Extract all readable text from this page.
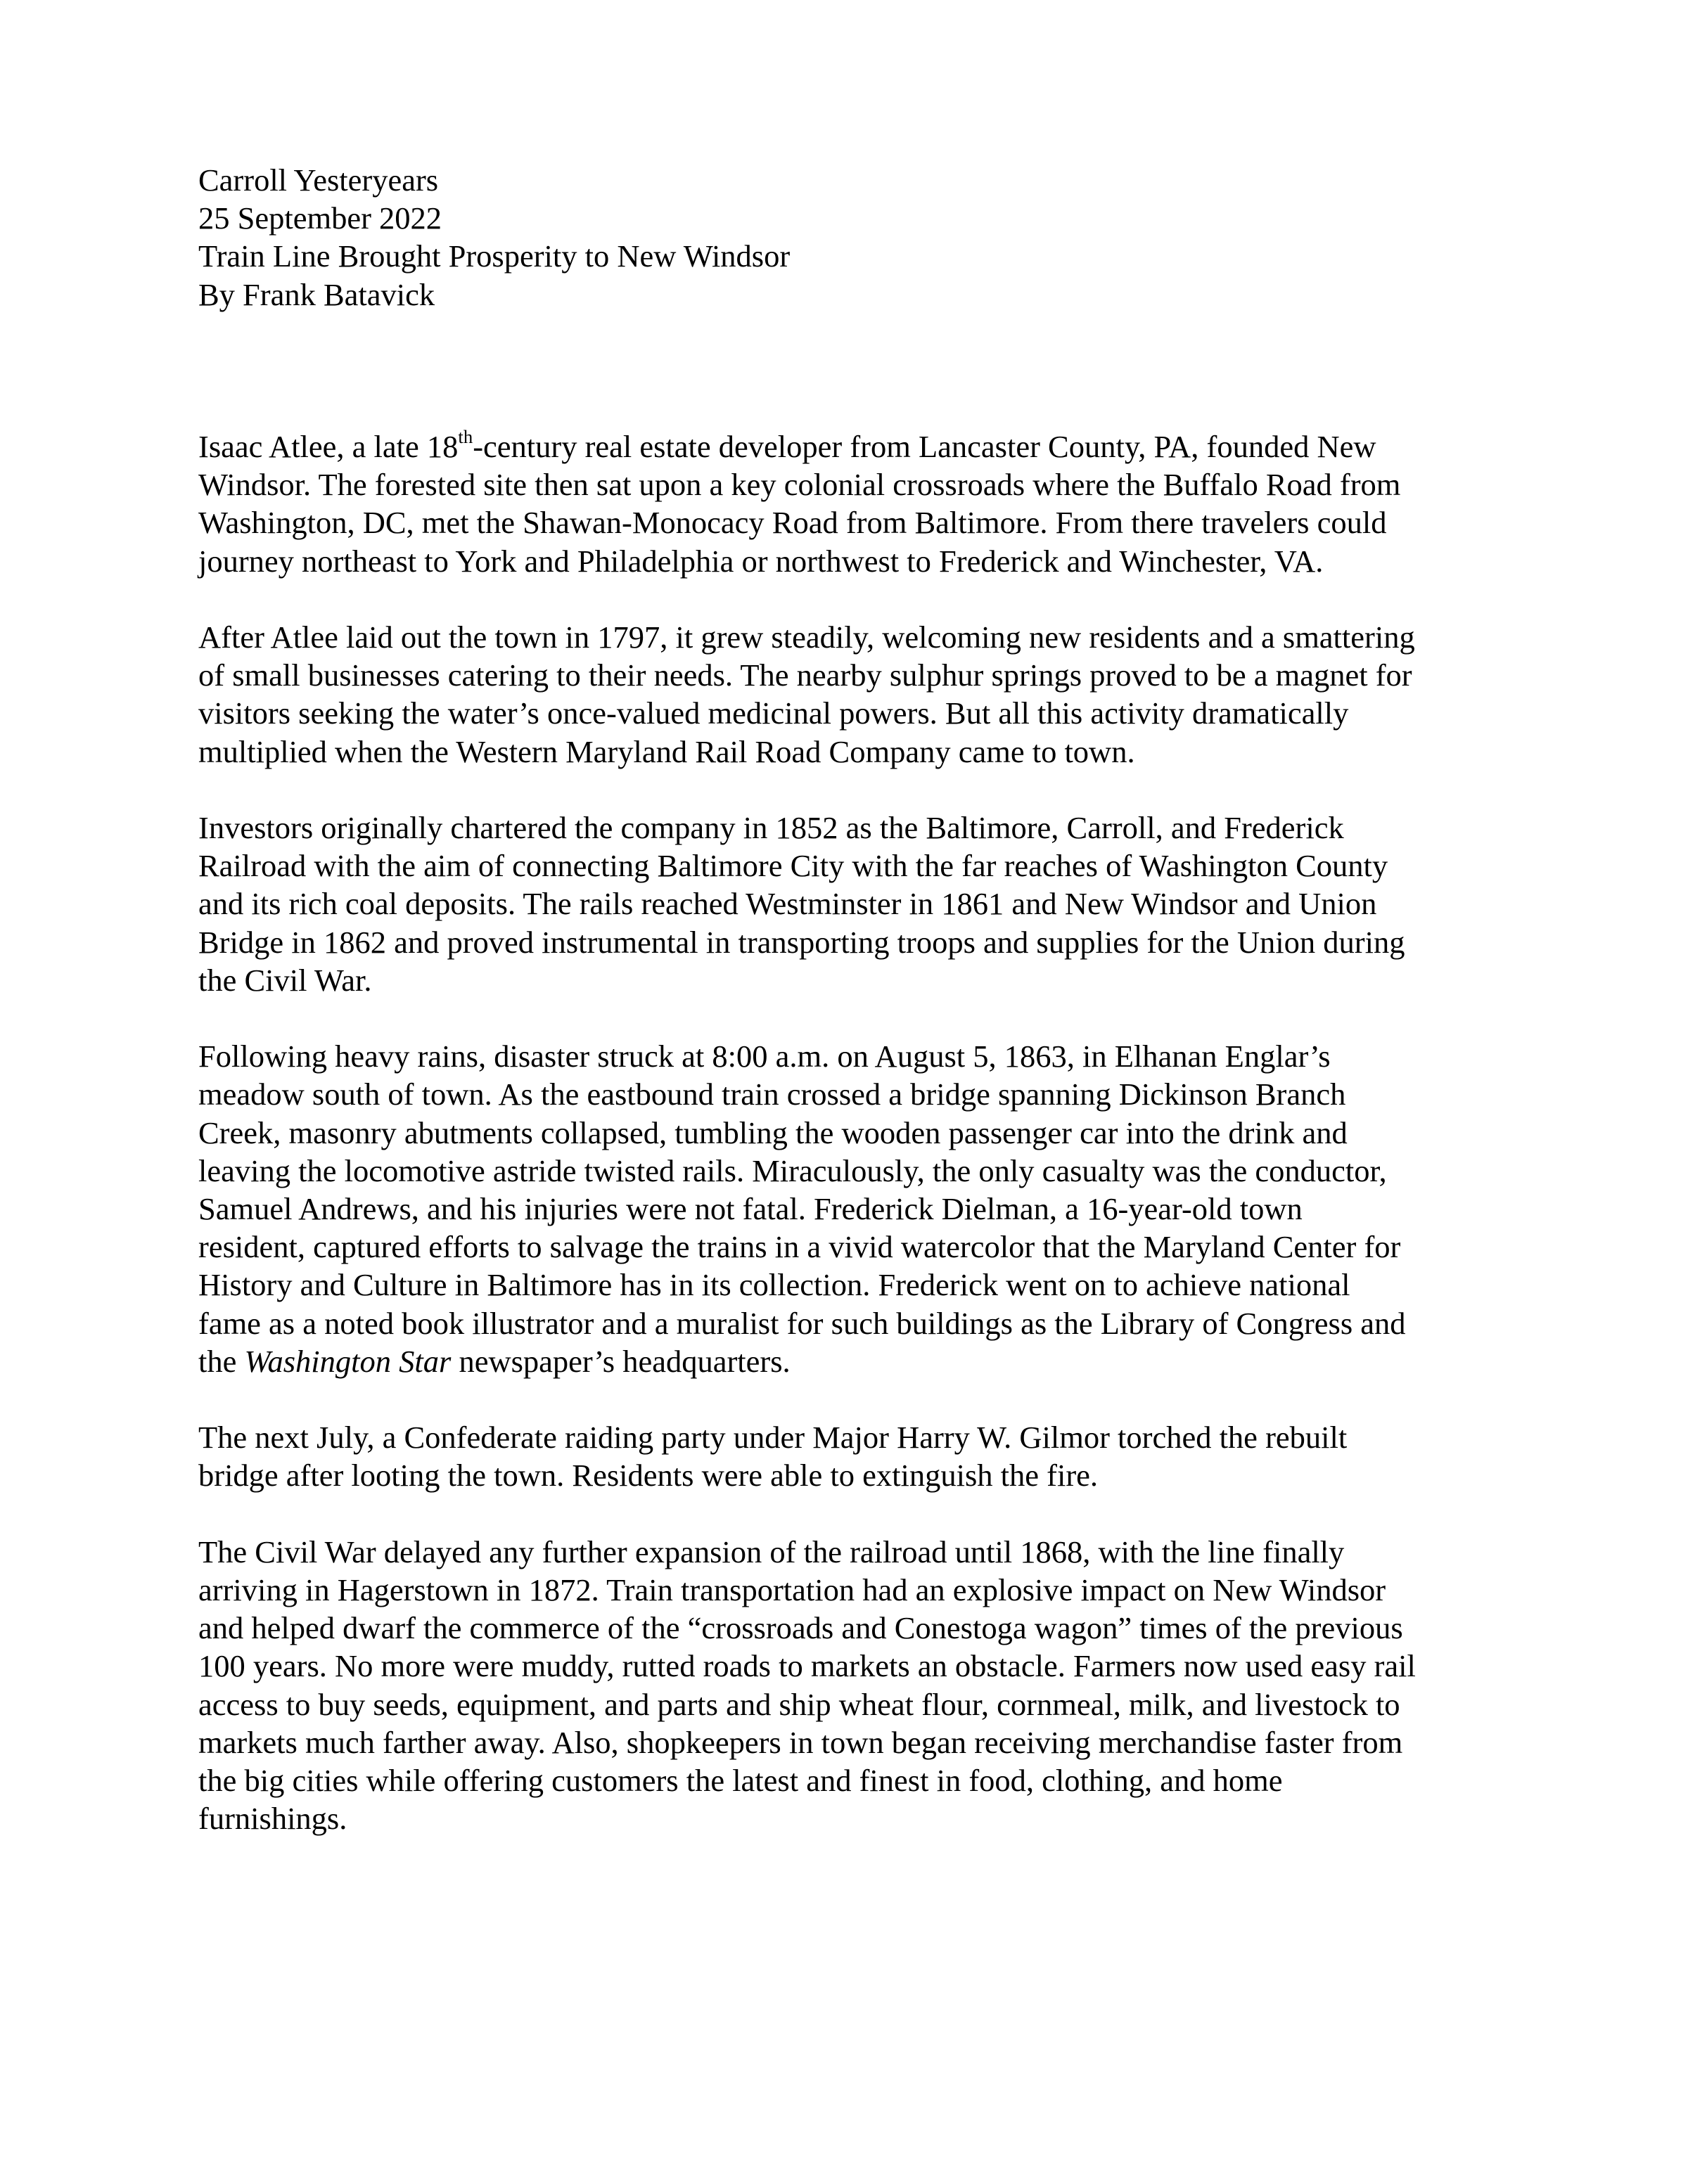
Carroll Yesteryears
25 September 2022
Train Line Brought Prosperity to New Windsor
By Frank Batavick

Isaac Atlee, a late 18th-century real estate developer from Lancaster County, PA, founded New
Windsor. The forested site then sat upon a key colonial crossroads where the Buffalo Road from
Washington, DC, met the Shawan-Monocacy Road from Baltimore. From there travelers could
journey northeast to York and Philadelphia or northwest to Frederick and Winchester, VA.

After Atlee laid out the town in 1797, it grew steadily, welcoming new residents and a smattering
of small businesses catering to their needs. The nearby sulphur springs proved to be a magnet for
visitors seeking the water’s once-valued medicinal powers. But all this activity dramatically
multiplied when the Western Maryland Rail Road Company came to town.

Investors originally chartered the company in 1852 as the Baltimore, Carroll, and Frederick
Railroad with the aim of connecting Baltimore City with the far reaches of Washington County
and its rich coal deposits. The rails reached Westminster in 1861 and New Windsor and Union
Bridge in 1862 and proved instrumental in transporting troops and supplies for the Union during
the Civil War.

Following heavy rains, disaster struck at 8:00 a.m. on August 5, 1863, in Elhanan Englar’s
meadow south of town. As the eastbound train crossed a bridge spanning Dickinson Branch
Creek, masonry abutments collapsed, tumbling the wooden passenger car into the drink and
leaving the locomotive astride twisted rails. Miraculously, the only casualty was the conductor,
Samuel Andrews, and his injuries were not fatal. Frederick Dielman, a 16-year-old town
resident, captured efforts to salvage the trains in a vivid watercolor that the Maryland Center for
History and Culture in Baltimore has in its collection. Frederick went on to achieve national
fame as a noted book illustrator and a muralist for such buildings as the Library of Congress and
the Washington Star newspaper’s headquarters.

The next July, a Confederate raiding party under Major Harry W. Gilmor torched the rebuilt
bridge after looting the town. Residents were able to extinguish the fire.

The Civil War delayed any further expansion of the railroad until 1868, with the line finally
arriving in Hagerstown in 1872. Train transportation had an explosive impact on New Windsor
and helped dwarf the commerce of the “crossroads and Conestoga wagon” times of the previous
100 years. No more were muddy, rutted roads to markets an obstacle. Farmers now used easy rail
access to buy seeds, equipment, and parts and ship wheat flour, cornmeal, milk, and livestock to
markets much farther away. Also, shopkeepers in town began receiving merchandise faster from
the big cities while offering customers the latest and finest in food, clothing, and home
furnishings.
